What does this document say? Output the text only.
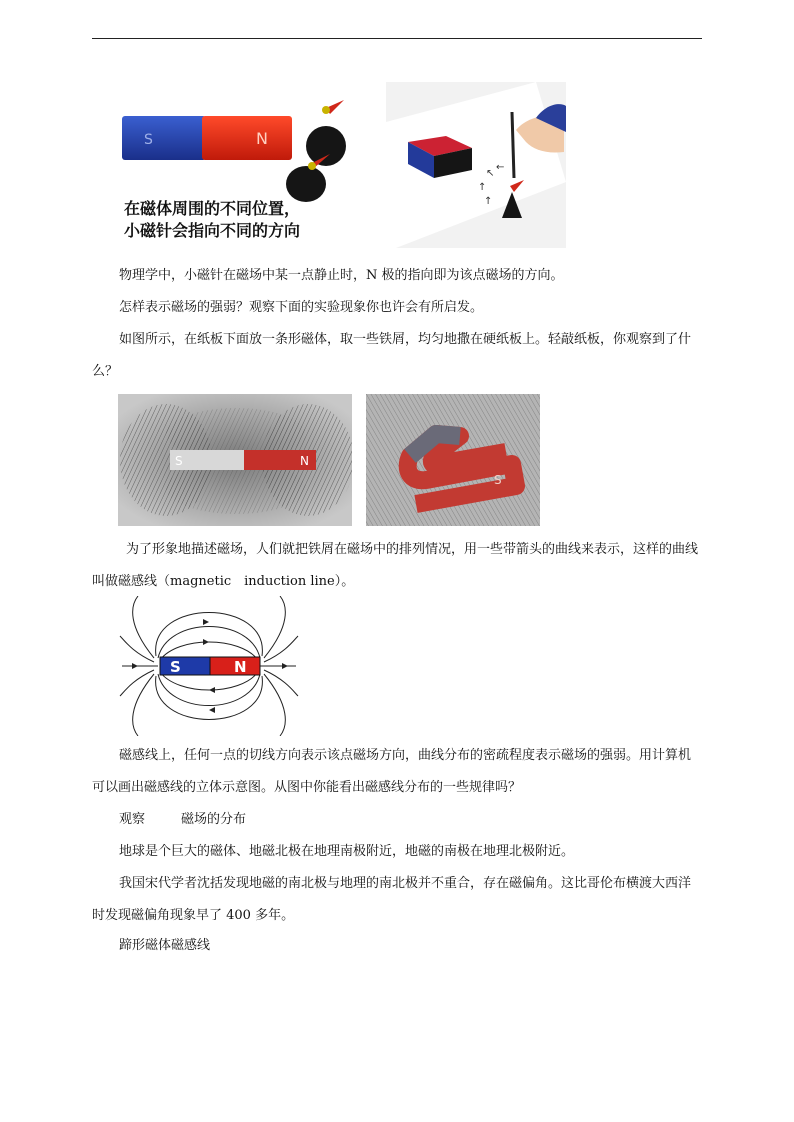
S	N
在磁体周围的不同位置，
小磁针会指向不同的方向
↖
↑
↑
←

物理学中，小磁针在磁场中某一点静止时，N 极的指向即为该点磁场的方向。

怎样表示磁场的强弱？观察下面的实验现象你也许会有所启发。

如图所示，在纸板下面放一条形磁体，取一些铁屑，均匀地撒在硬纸板上。轻敲纸板，你观察到了什么？

S	N
S

为了形象地描述磁场，人们就把铁屑在磁场中的排列情况，用一些带箭头的曲线来表示，这样的曲线叫做磁感线（magnetic　induction line）。

S	N

磁感线上，任何一点的切线方向表示该点磁场方向，曲线分布的密疏程度表示磁场的强弱。用计算机可以画出磁感线的立体示意图。从图中你能看出磁感线分布的一些规律吗？

观察	磁场的分布

地球是个巨大的磁体、地磁北极在地理南极附近，地磁的南极在地理北极附近。

我国宋代学者沈括发现地磁的南北极与地理的南北极并不重合，存在磁偏角。这比哥伦布横渡大西洋时发现磁偏角现象早了 400 多年。

蹄形磁体磁感线
